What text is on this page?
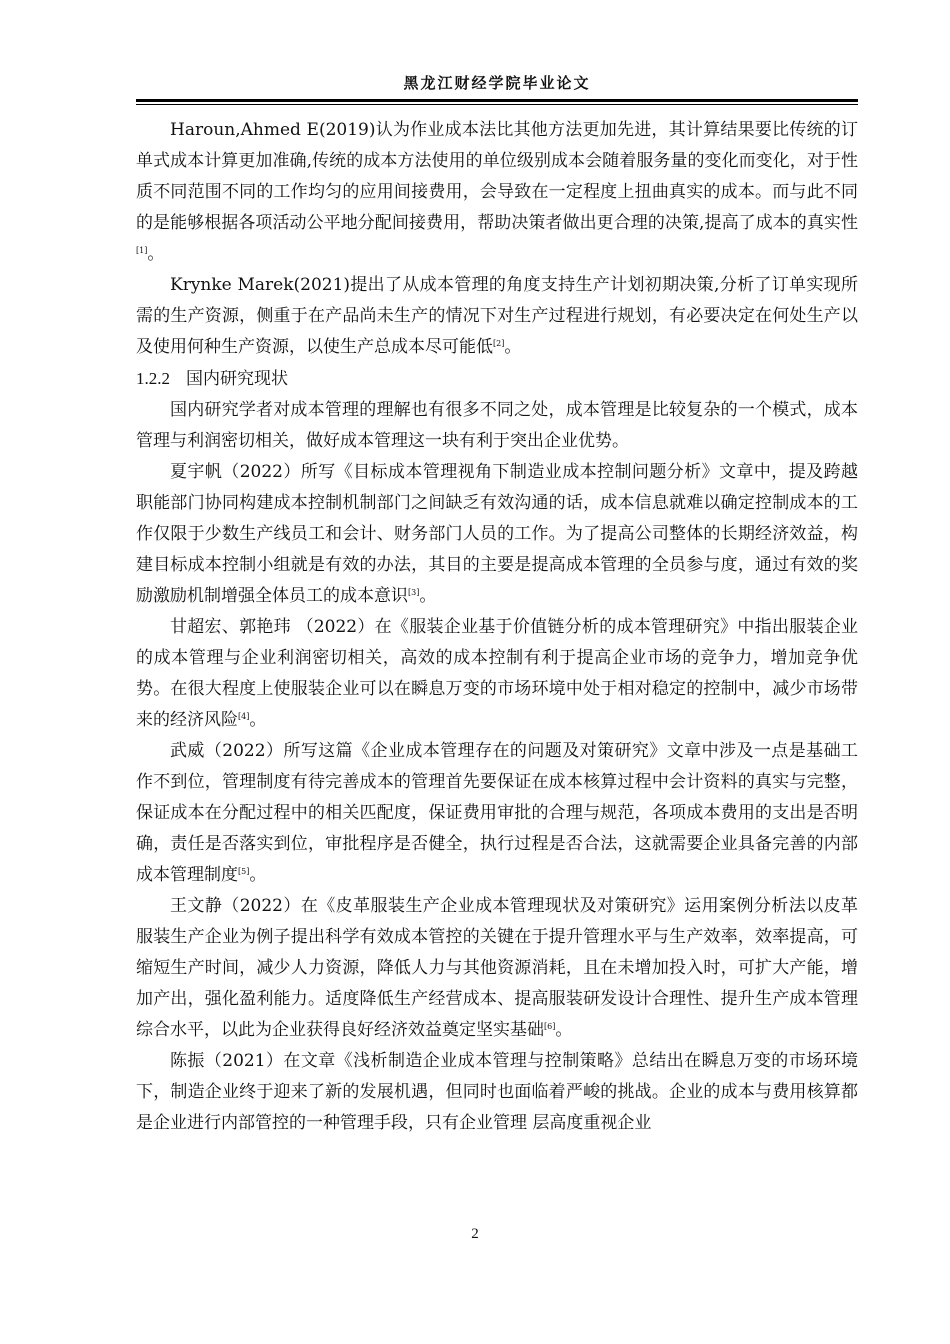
黑龙江财经学院毕业论文

Haroun,Ahmed E(2019)认为作业成本法比其他方法更加先进，其计算结果要比传统的订单式成本计算更加准确,传统的成本方法使用的单位级别成本会随着服务量的变化而变化，对于性质不同范围不同的工作均匀的应用间接费用，会导致在一定程度上扭曲真实的成本。而与此不同的是能够根据各项活动公平地分配间接费用，帮助决策者做出更合理的决策,提高了成本的真实性[1]。

Krynke Marek(2021)提出了从成本管理的角度支持生产计划初期决策,分析了订单实现所需的生产资源，侧重于在产品尚未生产的情况下对生产过程进行规划，有必要决定在何处生产以及使用何种生产资源，以使生产总成本尽可能低[2]。

1.2.2 国内研究现状

国内研究学者对成本管理的理解也有很多不同之处，成本管理是比较复杂的一个模式，成本管理与利润密切相关，做好成本管理这一块有利于突出企业优势。

夏宇帆（2022）所写《目标成本管理视角下制造业成本控制问题分析》文章中，提及跨越职能部门协同构建成本控制机制部门之间缺乏有效沟通的话，成本信息就难以确定控制成本的工作仅限于少数生产线员工和会计、财务部门人员的工作。为了提高公司整体的长期经济效益，构建目标成本控制小组就是有效的办法，其目的主要是提高成本管理的全员参与度，通过有效的奖励激励机制增强全体员工的成本意识[3]。

甘超宏、郭艳玮 （2022）在《服装企业基于价值链分析的成本管理研究》中指出服装企业的成本管理与企业利润密切相关，高效的成本控制有利于提高企业市场的竞争力，增加竞争优势。在很大程度上使服装企业可以在瞬息万变的市场环境中处于相对稳定的控制中，减少市场带来的经济风险[4]。

武威（2022）所写这篇《企业成本管理存在的问题及对策研究》文章中涉及一点是基础工作不到位，管理制度有待完善成本的管理首先要保证在成本核算过程中会计资料的真实与完整，保证成本在分配过程中的相关匹配度，保证费用审批的合理与规范，各项成本费用的支出是否明确，责任是否落实到位，审批程序是否健全，执行过程是否合法，这就需要企业具备完善的内部成本管理制度[5]。

王文静（2022）在《皮革服装生产企业成本管理现状及对策研究》运用案例分析法以皮革服装生产企业为例子提出科学有效成本管控的关键在于提升管理水平与生产效率，效率提高，可缩短生产时间，减少人力资源，降低人力与其他资源消耗，且在未增加投入时，可扩大产能，增加产出，强化盈利能力。适度降低生产经营成本、提高服装研发设计合理性、提升生产成本管理综合水平，以此为企业获得良好经济效益奠定坚实基础[6]。

陈振（2021）在文章《浅析制造企业成本管理与控制策略》总结出在瞬息万变的市场环境下，制造企业终于迎来了新的发展机遇，但同时也面临着严峻的挑战。企业的成本与费用核算都是企业进行内部管控的一种管理手段，只有企业管理 层高度重视企业

2
